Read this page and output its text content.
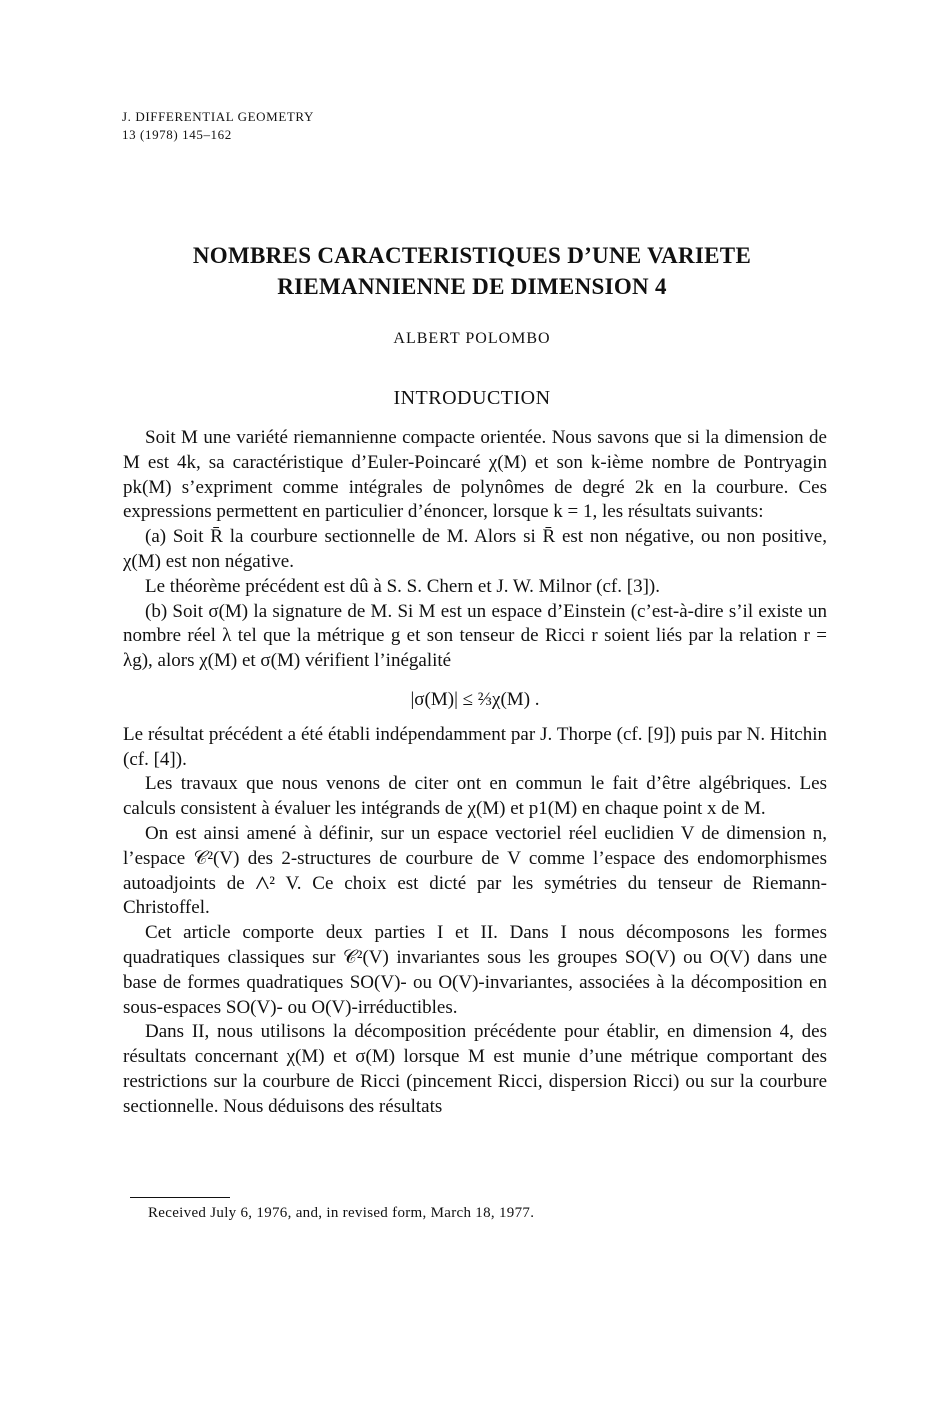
J. DIFFERENTIAL GEOMETRY
13 (1978) 145–162
NOMBRES CARACTERISTIQUES D’UNE VARIETE
RIEMANNIENNE DE DIMENSION 4
ALBERT POLOMBO
INTRODUCTION

Soit M une variété riemannienne compacte orientée. Nous savons que si la dimension de M est 4k, sa caractéristique d’Euler-Poincaré χ(M) et son k-ième nombre de Pontryagin pk(M) s’expriment comme intégrales de polynômes de degré 2k en la courbure. Ces expressions permettent en particulier d’énoncer, lorsque k = 1, les résultats suivants:

(a) Soit R̄ la courbure sectionnelle de M. Alors si R̄ est non négative, ou non positive, χ(M) est non négative.

Le théorème précédent est dû à S. S. Chern et J. W. Milnor (cf. [3]).

(b) Soit σ(M) la signature de M. Si M est un espace d’Einstein (c’est-à-dire s’il existe un nombre réel λ tel que la métrique g et son tenseur de Ricci r soient liés par la relation r = λg), alors χ(M) et σ(M) vérifient l’inégalité

|σ(M)| ≤ ⅔χ(M) .

Le résultat précédent a été établi indépendamment par J. Thorpe (cf. [9]) puis par N. Hitchin (cf. [4]).

Les travaux que nous venons de citer ont en commun le fait d’être algébriques. Les calculs consistent à évaluer les intégrands de χ(M) et p1(M) en chaque point x de M.

On est ainsi amené à définir, sur un espace vectoriel réel euclidien V de dimension n, l’espace 𝒞²(V) des 2-structures de courbure de V comme l’espace des endomorphismes autoadjoints de ⋀² V. Ce choix est dicté par les symétries du tenseur de Riemann-Christoffel.

Cet article comporte deux parties I et II. Dans I nous décomposons les formes quadratiques classiques sur 𝒞²(V) invariantes sous les groupes SO(V) ou O(V) dans une base de formes quadratiques SO(V)- ou O(V)-invariantes, associées à la décomposition en sous-espaces SO(V)- ou O(V)-irréductibles.

Dans II, nous utilisons la décomposition précédente pour établir, en dimension 4, des résultats concernant χ(M) et σ(M) lorsque M est munie d’une métrique comportant des restrictions sur la courbure de Ricci (pincement Ricci, dispersion Ricci) ou sur la courbure sectionnelle. Nous déduisons des résultats

Received July 6, 1976, and, in revised form, March 18, 1977.
